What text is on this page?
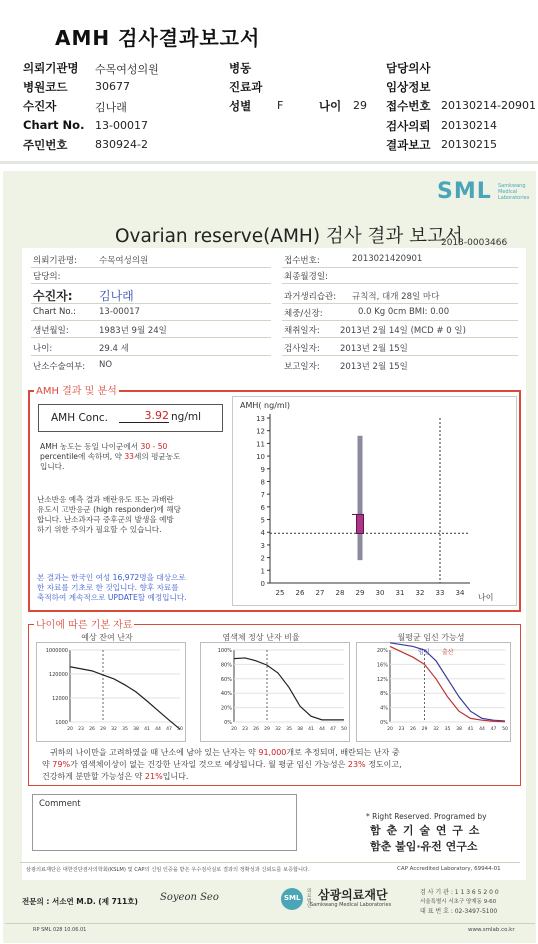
AMH 검사결과보고서
의뢰기관명 수목여성의원	병동	담당의사
병원코드	30677	진료과	임상정보
수진자	김나래	성별 F	나이 29 접수번호 20130214-20901
Chart No. 13-00017	검사의뢰 20130214
주민번호	830924-2	결과보고 20130215
SML Samkwang Medical Laboratories
Ovarian reserve(AMH) 검사 결과 보고서
2013-0003466
의뢰기관명:	수목여성의원
담당의:
수진자: 김나래
Chart No.:	13-00017
생년월일:	1983년 9월 24일
나이:	29.4 세
난소수술여부: NO
접수번호:	2013021420901
최종월경일:
과거생리습관: 규칙적, 대개 28일 마다
체중/신장:	0.0 Kg 0cm BMI: 0.00
채취일자: 2013년 2월 14일 (MCD # 0 일)
검사일자: 2013년 2월 15일
보고일자: 2013년 2월 15일
AMH 결과 및 분석
AMH Conc.	3.92 ng/ml
AMH 농도는 동일 나이군에서 30 - 50
percentile에 속하며, 약 33세의 평균농도
입니다.
난소반응 예측 결과 배란유도 또는 과배란
유도시 고반응군 (high responder)에 해당
합니다. 난소과자극 증후군의 발생을 예방
하기 위한 주의가 필요할 수 있습니다.
본 결과는 한국인 여성 16,972명을 대상으로
한 자료를 기초로 한 것입니다. 향후 자료를
축적하여 계속적으로 UPDATE할 예정입니다.
AMH( ng/ml)
0
1
2
3
4
5
6
7
8
9
10
11
12
13
25 26 27 28 29 30 31 32 33 34 나이
나이에 따른 기본 자료
예상 잔여 난자	염색체 정상 난자 비율	월평균 임신 가능성
1000000
120000
12000
1000
20 23 26 29 32 35 38 41 44 47 50
100%
80%
60%
40%
20%
0%
20 23 26 29 32 35 38 41 44 47 50
20%
16%
12%
8%
4%
0%
20 23 26 29 32 35 38 41 44 47 50
임신 출산
귀하의 나이만을 고려하였을 때 난소에 남아 있는 난자는 약 91,000개로 추정되며, 배란되는 난자 중
약 79%가 염색체이상이 없는 건강한 난자일 것으로 예상됩니다. 월 평균 임신 가능성은 23% 정도이고,
건강하게 분만할 가능성은 약 21%입니다.
Comment
* Right Reserved. Programed by
함 춘 기 술 연 구 소
함춘 불임·유전 연구소
삼광의료재단은 대한진단검사의학회(KSLM) 및 CAP의 신임 인증을 받은 우수검사실로 결과의 정확성과 신뢰도를 보증합니다.	CAP Accredited Laboratory, 69944-01
전문의 : 서소연 M.D. (제 711호) Soyeon Seo	SML
의료법인
삼광의료재단
Samkwang Medical Laboratories
검 사 기 관 : 1 1 3 6 5 2 0 0
서울특별시 서초구 양재동 9-60
대 표 번 호 : 02-3497-5100
RP SML 028 10.06.01	www.smlab.co.kr
